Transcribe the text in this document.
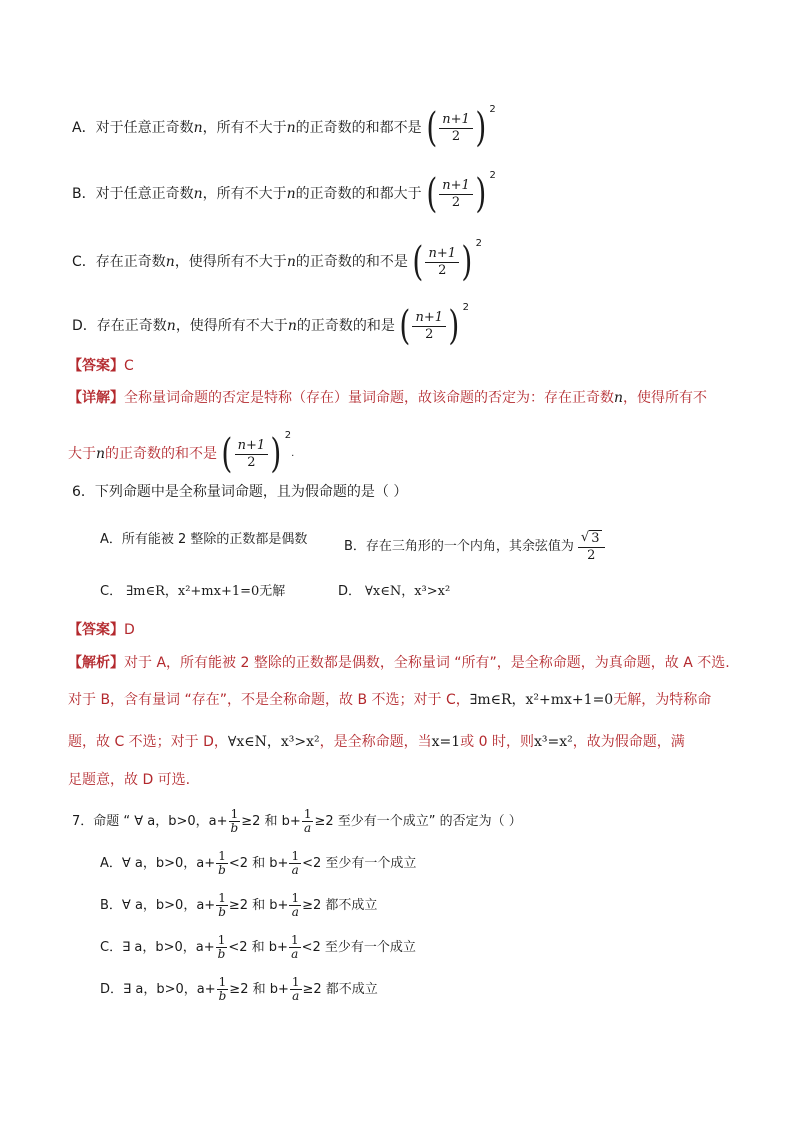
A． 对于任意正奇数 n ，所有不大于 n 的正奇数的和都不是 ( $\frac{n+1}{2}$ ) 2
B． 对于任意正奇数 n ，所有不大于 n 的正奇数的和都大于 ( $\frac{n+1}{2}$ ) 2
C． 存在正奇数 n ，使得所有不大于 n 的正奇数的和不是 ( $\frac{n+1}{2}$ ) 2
D． 存在正奇数 n ，使得所有不大于 n 的正奇数的和是 ( $\frac{n+1}{2}$ ) 2
【答案】 C
【详解】 全称量词命题的否定是特称（存在）量词命题，故该命题的否定为：存在正奇数 n ，使得所有不
大于 n 的正奇数的和不是 ( $\frac{n+1}{2}$ ) 2
.
6．下列命题中是全称量词命题，且为假命题的是（ ）
A．所有能被 2 整除的正数都是偶数	B．存在三角形的一个内角，其余弦值为 $\frac{√ 3}{2}$
C． ∃m∈R，x²+mx+1=0 无解	D． ∀x∈N，x³>x²
【答案】 D
【解析】 对于 A，所有能被 2 整除的正数都是偶数，全称量词 “所有”，是全称命题，为真命题，故 A 不选.
对于 B，含有量词 “存在”，不是全称命题，故 B 不选；对于 C， ∃m∈R，x²+mx+1=0 无解，为特称命
题，故 C 不选；对于 D， ∀x∈N，x³>x² ，是全称命题，当 x=1 或 0 时，则 x³=x² ，故为假命题，满
足题意，故 D 可选.
7．命题 “ ∀ a，b>0，$a+ \frac{1}{b} \ge 2$ 和 $b+ \frac{1}{a} \ge 2$ 至少有一个成立” 的否定为（ ）
A．∀ a，b>0，$a+ \frac{1}{b} <2$ 和 $b+ \frac{1}{a} <2$ 至少有一个成立
B．∀ a，b>0，$a+ \frac{1}{b} \ge 2$ 和 $b+ \frac{1}{a} \ge 2$ 都不成立
C．∃ a，b>0，$a+ \frac{1}{b} <2$ 和 $b+ \frac{1}{a} <2$ 至少有一个成立
D．∃ a，b>0，$a+ \frac{1}{b} \ge 2$ 和 $b+ \frac{1}{a} \ge 2$ 都不成立
